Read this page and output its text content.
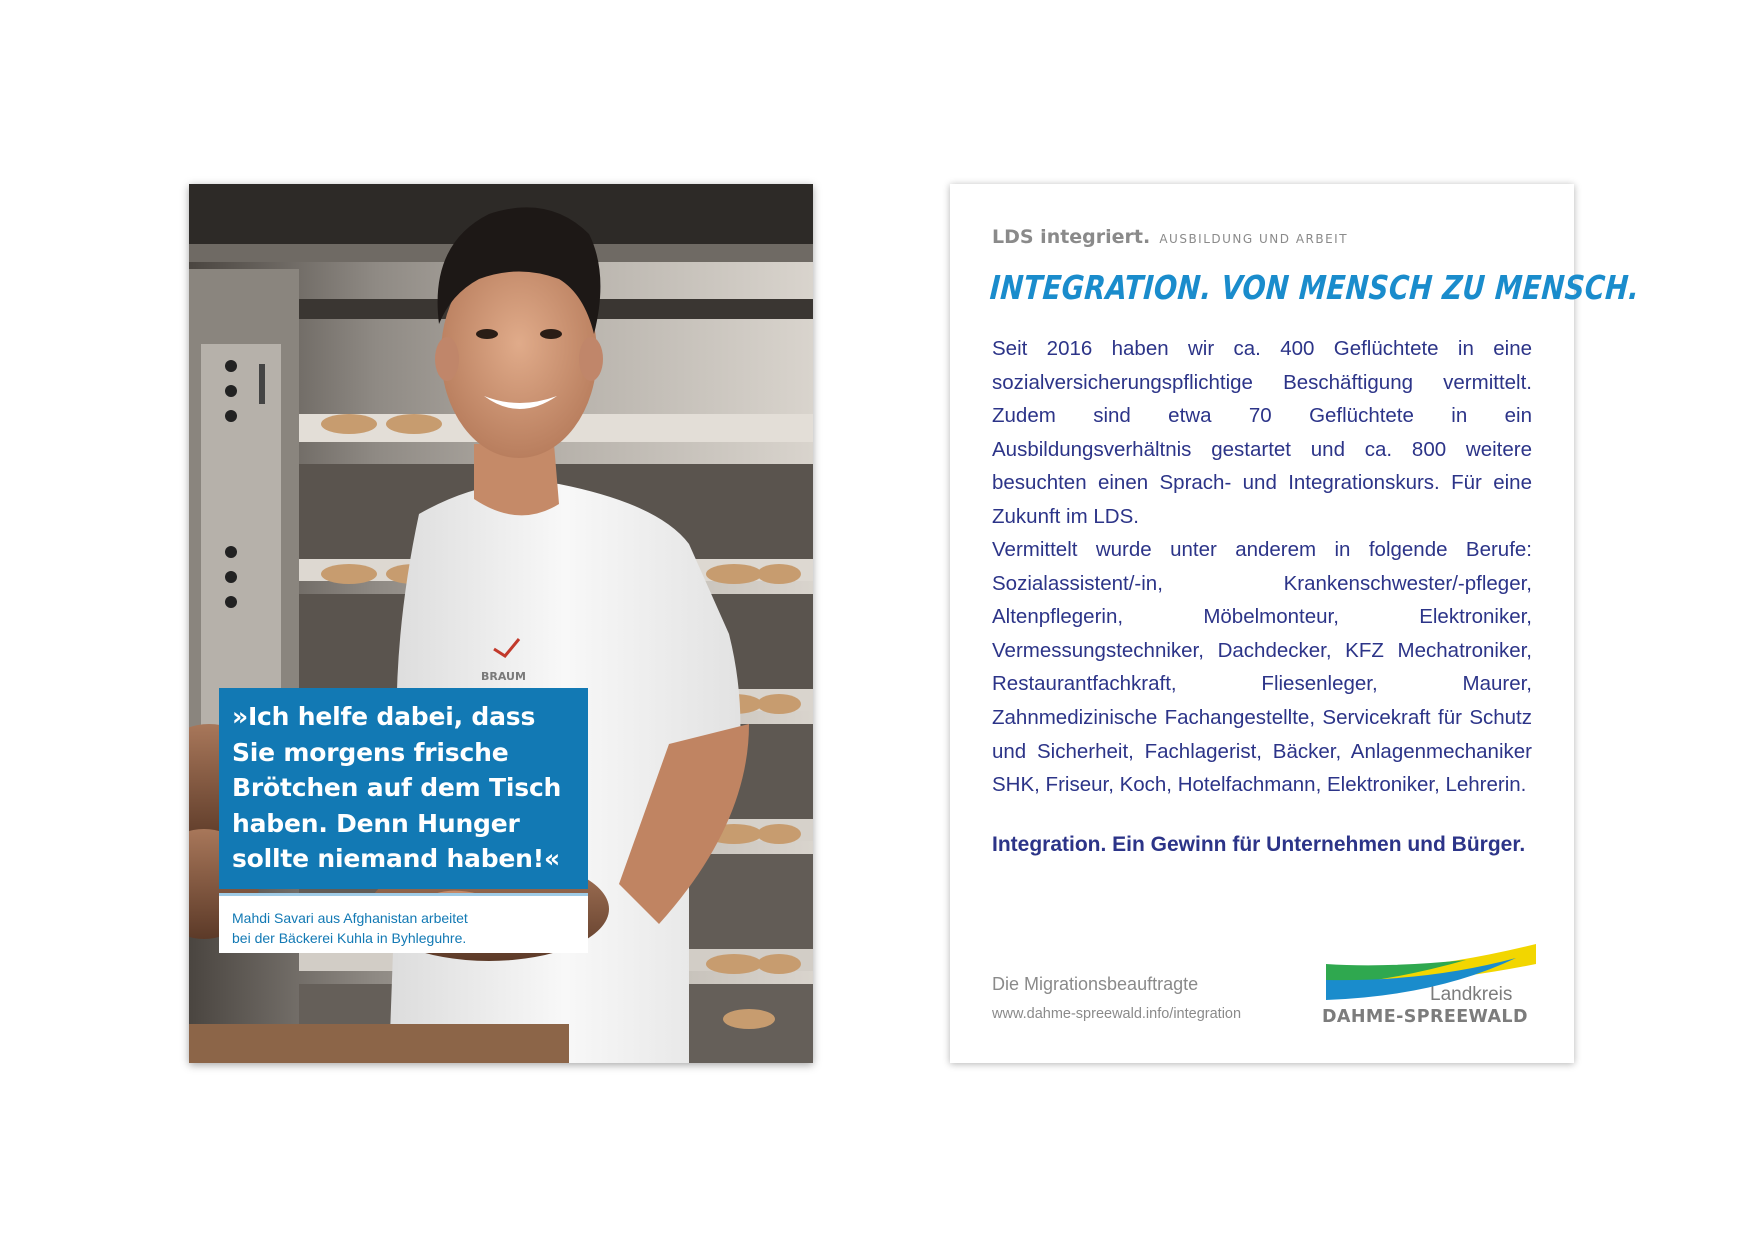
BRAUM

»Ich helfe dabei, dass
Sie morgens frische
Brötchen auf dem Tisch
haben. Denn Hunger
sollte niemand haben!«

Mahdi Savari aus Afghanistan arbeitet
bei der Bäckerei Kuhla in Byhleguhre.

LDS integriert. AUSBILDUNG UND ARBEIT
INTEGRATION. VON MENSCH ZU MENSCH.

Seit 2016 haben wir ca. 400 Geflüchtete in eine sozialversicherungspflichtige Beschäftigung vermittelt. Zudem sind etwa 70 Geflüchtete in ein Ausbildungsverhältnis gestartet und ca. 800 weitere besuchten einen Sprach- und Integrationskurs. Für eine Zukunft im LDS.

Vermittelt wurde unter anderem in folgende Berufe: Sozialassistent/-in, Krankenschwester/-pfleger, Altenpflegerin, Möbelmonteur, Elektroniker, Vermessungstechniker, Dachdecker, KFZ Mechatroniker, Restaurantfachkraft, Fliesenleger, Maurer, Zahnmedizinische Fachangestellte, Servicekraft für Schutz und Sicherheit, Fachlagerist, Bäcker, Anlagenmechaniker SHK, Friseur, Koch, Hotelfachmann, Elektroniker, Lehrerin.

Integration. Ein Gewinn für Unternehmen und Bürger.

Die Migrationsbeauftragte

www.dahme-spreewald.info/integration

Landkreis
DAHME-SPREEWALD
